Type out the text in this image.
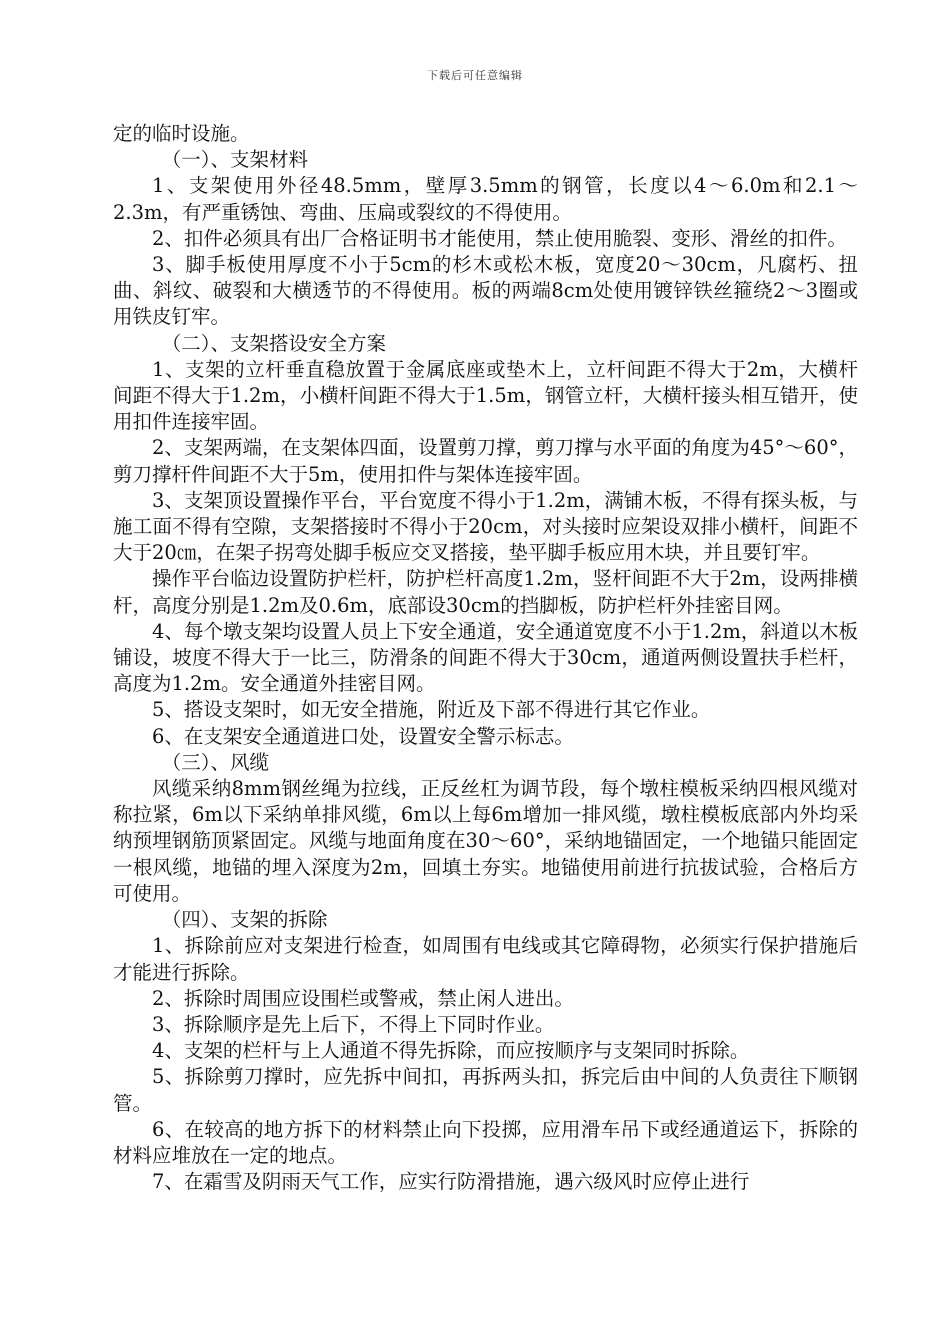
下载后可任意编辑

定的临时设施。

（一）、支架材料

1、支架使用外径48.5mm，壁厚3.5mm的钢管，长度以4～6.0m和2.1～2.3m，有严重锈蚀、弯曲、压扁或裂纹的不得使用。

2、扣件必须具有出厂合格证明书才能使用，禁止使用脆裂、变形、滑丝的扣件。

3、脚手板使用厚度不小于5cm的杉木或松木板，宽度20～30cm，凡腐朽、扭曲、斜纹、破裂和大横透节的不得使用。板的两端8cm处使用镀锌铁丝箍绕2～3圈或用铁皮钉牢。

（二）、支架搭设安全方案

1、支架的立杆垂直稳放置于金属底座或垫木上，立杆间距不得大于2m，大横杆间距不得大于1.2m，小横杆间距不得大于1.5m，钢管立杆，大横杆接头相互错开，使用扣件连接牢固。

2、支架两端，在支架体四面，设置剪刀撑，剪刀撑与水平面的角度为45°～60°，剪刀撑杆件间距不大于5m，使用扣件与架体连接牢固。

3、支架顶设置操作平台，平台宽度不得小于1.2m，满铺木板，不得有探头板，与施工面不得有空隙，支架搭接时不得小于20cm，对头接时应架设双排小横杆，间距不大于20㎝，在架子拐弯处脚手板应交叉搭接，垫平脚手板应用木块，并且要钉牢。

操作平台临边设置防护栏杆，防护栏杆高度1.2m，竖杆间距不大于2m，设两排横杆，高度分别是1.2m及0.6m，底部设30cm的挡脚板，防护栏杆外挂密目网。

4、每个墩支架均设置人员上下安全通道，安全通道宽度不小于1.2m，斜道以木板铺设，坡度不得大于一比三，防滑条的间距不得大于30cm，通道两侧设置扶手栏杆，高度为1.2m。安全通道外挂密目网。

5、搭设支架时，如无安全措施，附近及下部不得进行其它作业。

6、在支架安全通道进口处，设置安全警示标志。

（三）、风缆

风缆采纳8mm钢丝绳为拉线，正反丝杠为调节段，每个墩柱模板采纳四根风缆对称拉紧，6m以下采纳单排风缆，6m以上每6m增加一排风缆，墩柱模板底部内外均采纳预埋钢筋顶紧固定。风缆与地面角度在30～60°，采纳地锚固定，一个地锚只能固定一根风缆，地锚的埋入深度为2m，回填土夯实。地锚使用前进行抗拔试验，合格后方可使用。

（四）、支架的拆除

1、拆除前应对支架进行检查，如周围有电线或其它障碍物，必须实行保护措施后才能进行拆除。

2、拆除时周围应设围栏或警戒，禁止闲人进出。

3、拆除顺序是先上后下，不得上下同时作业。

4、支架的栏杆与上人通道不得先拆除，而应按顺序与支架同时拆除。

5、拆除剪刀撑时，应先拆中间扣，再拆两头扣，拆完后由中间的人负责往下顺钢管。

6、在较高的地方拆下的材料禁止向下投掷，应用滑车吊下或经通道运下，拆除的材料应堆放在一定的地点。

7、在霜雪及阴雨天气工作，应实行防滑措施，遇六级风时应停止进行
